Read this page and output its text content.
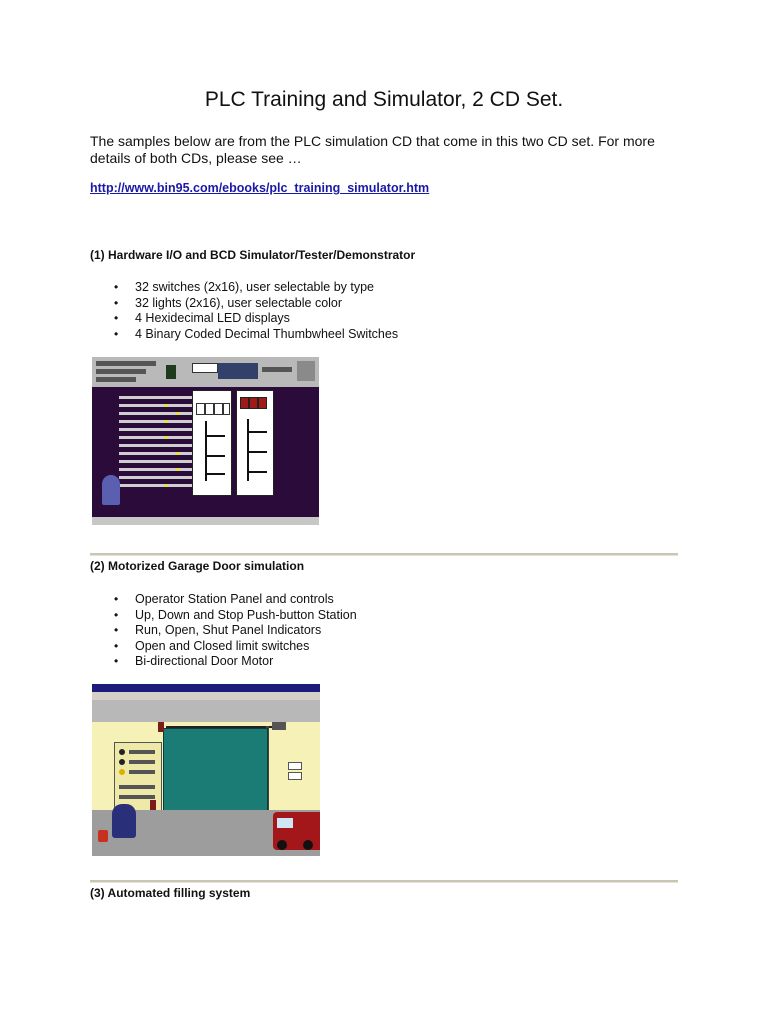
PLC Training and Simulator, 2 CD Set.
The samples below are from the PLC simulation CD that come in this two CD set. For more details of both CDs, please see …
http://www.bin95.com/ebooks/plc_training_simulator.htm
(1) Hardware I/O and BCD Simulator/Tester/Demonstrator
• 32 switches (2x16), user selectable by type
• 32 lights (2x16), user selectable color
• 4 Hexidecimal LED displays
• 4 Binary Coded Decimal Thumbwheel Switches
(2) Motorized Garage Door simulation
• Operator Station Panel and controls
• Up, Down and Stop Push-button Station
• Run, Open, Shut Panel Indicators
• Open and Closed limit switches
• Bi-directional Door Motor
(3) Automated filling system
